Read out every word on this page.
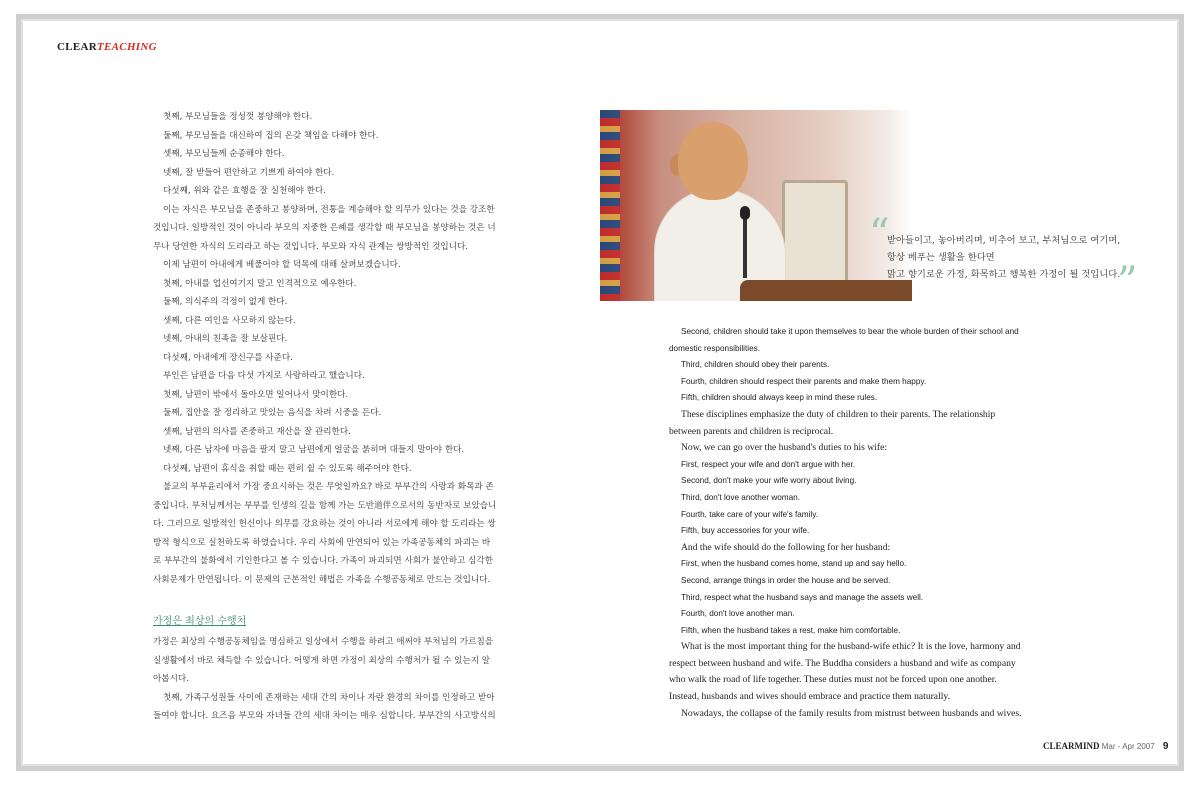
CLEARTEACHING
첫째, 부모님들을 정성껏 봉양해야 한다.
둘째, 부모님들을 대신하여 집의 온갖 책임을 다해야 한다.
셋째, 부모님들께 순종해야 한다.
넷째, 잘 받들어 편안하고 기쁘게 하여야 한다.
다섯째, 위와 같은 효행을 잘 실천해야 한다.
이는 자식은 부모님을 존중하고 봉양하며, 전통을 계승해야 할 의무가 있다는 것을 강조한
것입니다. 일방적인 것이 아니라 부모의 지중한 은혜를 생각할 때 부모님을 봉양하는 것은 너
무나 당연한 자식의 도리라고 하는 것입니다. 부모와 자식 관계는 쌍방적인 것입니다.
이제 남편이 아내에게 베풀어야 할 덕목에 대해 살펴보겠습니다.
첫째, 아내를 업신여기지 말고 인격적으로 예우한다.
둘째, 의식주의 걱정이 없게 한다.
셋째, 다른 여인을 사모하지 않는다.
넷째, 아내의 친족을 잘 보살핀다.
다섯째, 아내에게 장신구를 사준다.
부인은 남편을 다음 다섯 가지로 사랑하라고 했습니다.
첫째, 남편이 밖에서 돌아오면 일어나서 맞이한다.
둘째, 집안을 잘 정리하고 맛있는 음식을 차려 시중을 든다.
셋째, 남편의 의사를 존중하고 재산을 잘 관리한다.
넷째, 다른 남자에 마음을 팔지 말고 남편에게 얼굴을 붉히며 대들지 말아야 한다.
다섯째, 남편이 휴식을 취할 때는 편히 쉴 수 있도록 해주어야 한다.
불교의 부부윤리에서 가장 중요시하는 것은 무엇일까요? 바로 부부간의 사랑과 화목과 존
중입니다. 부처님께서는 부부를 인생의 길을 함께 가는 도반道伴으로서의 동반자로 보았습니
다. 그러므로 일방적인 헌신이나 의무를 강요하는 것이 아니라 서로에게 해야 할 도리라는 쌍
방적 형식으로 실천하도록 하였습니다. 우리 사회에 만연되어 있는 가족공동체의 파괴는 바
로 부부간의 불화에서 기인한다고 볼 수 있습니다. 가족이 파괴되면 사회가 불안하고 심각한
사회문제가 만연됩니다. 이 문제의 근본적인 해법은 가족을 수행공동체로 만드는 것입니다.
가정은 최상의 수행처
가정은 최상의 수행공동체임을 명심하고 일상에서 수행을 하려고 애써야 부처님의 가르침을
실생활에서 바로 체득할 수 있습니다. 어떻게 하면 가정이 최상의 수행처가 될 수 있는지 알
아봅시다.
첫째, 가족구성원들 사이에 존재하는 세대 간의 차이나 자란 환경의 차이를 인정하고 받아
들여야 합니다. 요즈음 부모와 자녀들 간의 세대 차이는 매우 심합니다. 부부간의 사고방식의
“
받아들이고, 놓아버리며, 비추어 보고, 부처님으로 여기며,
항상 베푸는 생활을 한다면
맑고 향기로운 가정, 화목하고 행복한 가정이 될 것입니다.
”
Second, children should take it upon themselves to bear the whole burden of their school and
domestic responsibilities.
Third, children should obey their parents.
Fourth, children should respect their parents and make them happy.
Fifth, children should always keep in mind these rules.
These disciplines emphasize the duty of children to their parents. The relationship
between parents and children is reciprocal.
Now, we can go over the husband's duties to his wife:
First, respect your wife and don't argue with her.
Second, don't make your wife worry about living.
Third, don't love another woman.
Fourth, take care of your wife's family.
Fifth, buy accessories for your wife.
And the wife should do the following for her husband:
First, when the husband comes home, stand up and say hello.
Second, arrange things in order the house and be served.
Third, respect what the husband says and manage the assets well.
Fourth, don't love another man.
Fifth, when the husband takes a rest, make him comfortable.
What is the most important thing for the husband-wife ethic? It is the love, harmony and
respect between husband and wife. The Buddha considers a husband and wife as company
who walk the road of life together. These duties must not be forced upon one another.
Instead, husbands and wives should embrace and practice them naturally.
Nowadays, the collapse of the family results from mistrust between husbands and wives.
CLEARMIND Mar - Apr 2007 9
